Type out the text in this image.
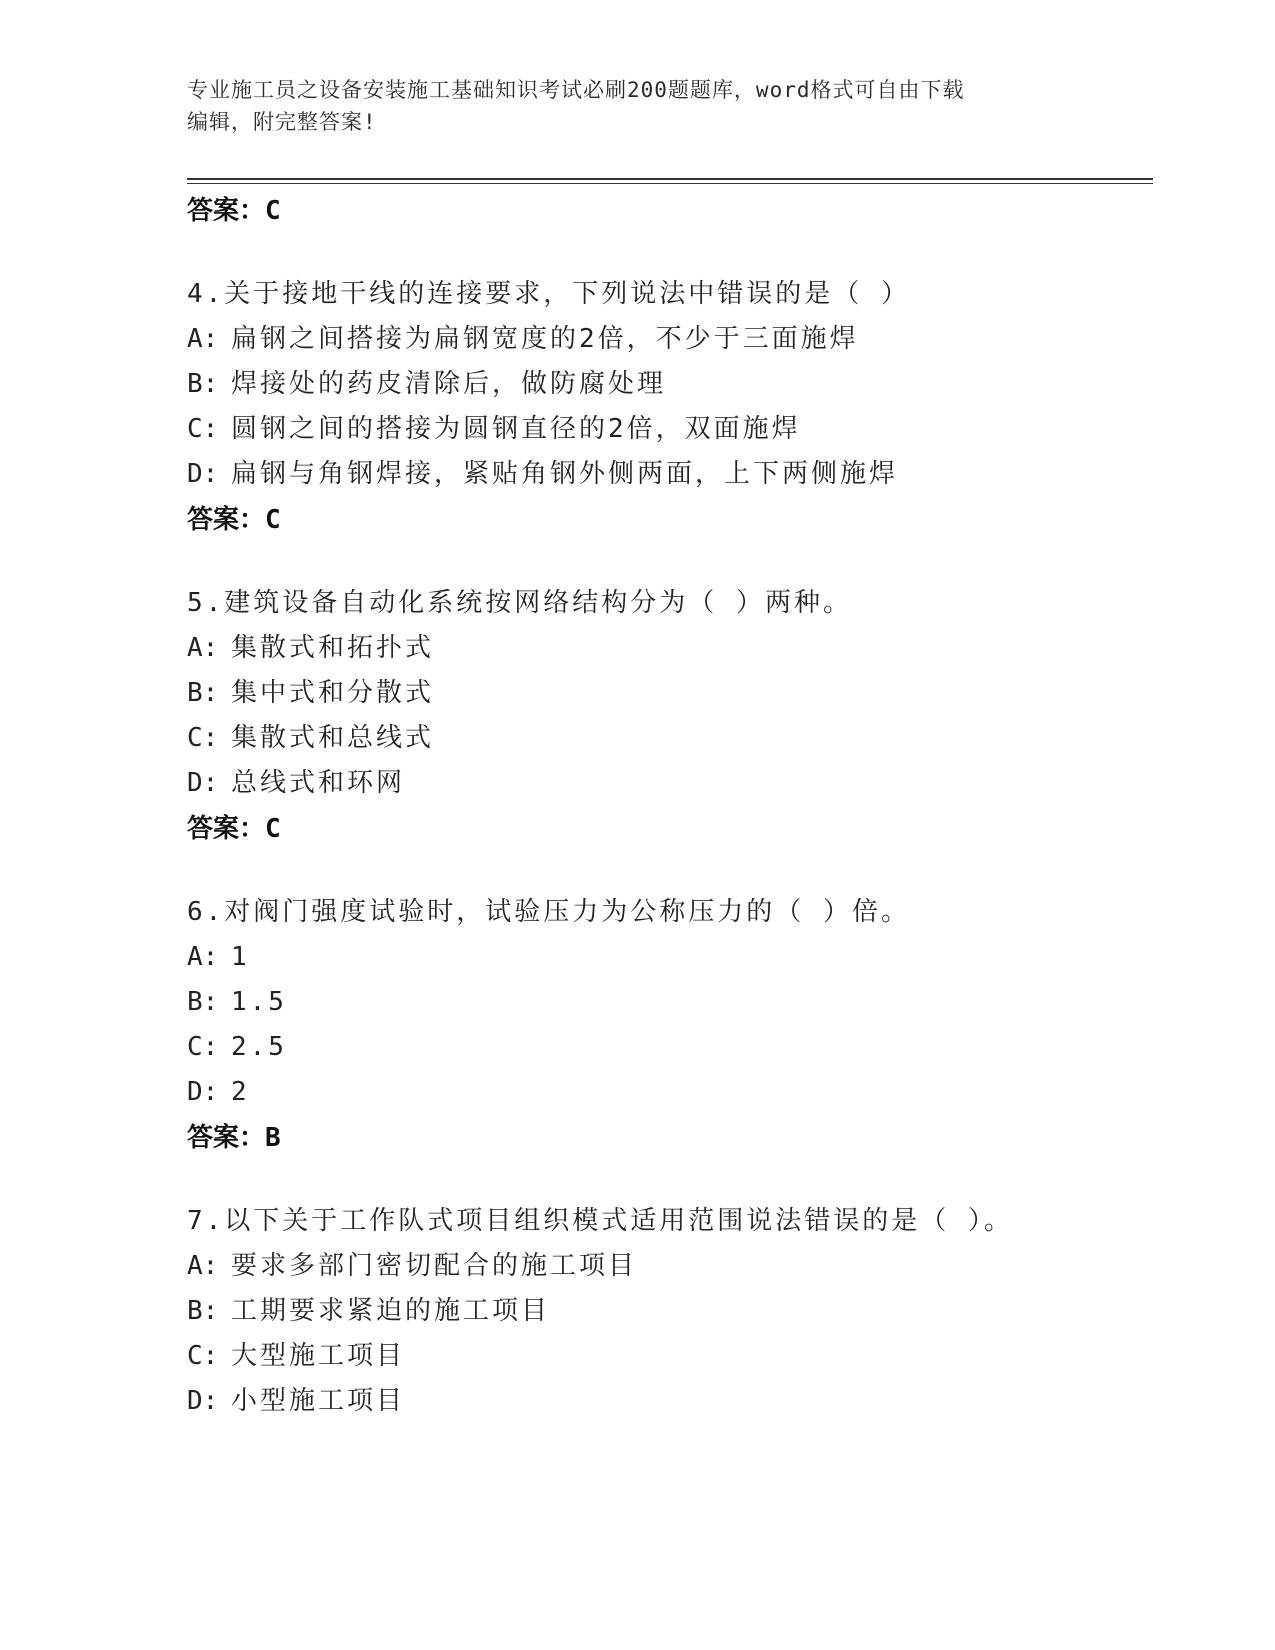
专业施工员之设备安装施工基础知识考试必刷200题题库，word格式可自由下载
编辑，附完整答案!
答案：C
4.关于接地干线的连接要求，下列说法中错误的是（ ）
A: 扁钢之间搭接为扁钢宽度的2倍，不少于三面施焊
B: 焊接处的药皮清除后，做防腐处理
C: 圆钢之间的搭接为圆钢直径的2倍，双面施焊
D: 扁钢与角钢焊接，紧贴角钢外侧两面，上下两侧施焊
答案：C
5.建筑设备自动化系统按网络结构分为（ ）两种。
A: 集散式和拓扑式
B: 集中式和分散式
C: 集散式和总线式
D: 总线式和环网
答案：C
6.对阀门强度试验时，试验压力为公称压力的（ ）倍。
A: 1
B: 1.5
C: 2.5
D: 2
答案：B
7.以下关于工作队式项目组织模式适用范围说法错误的是（ ）。
A: 要求多部门密切配合的施工项目
B: 工期要求紧迫的施工项目
C: 大型施工项目
D: 小型施工项目
